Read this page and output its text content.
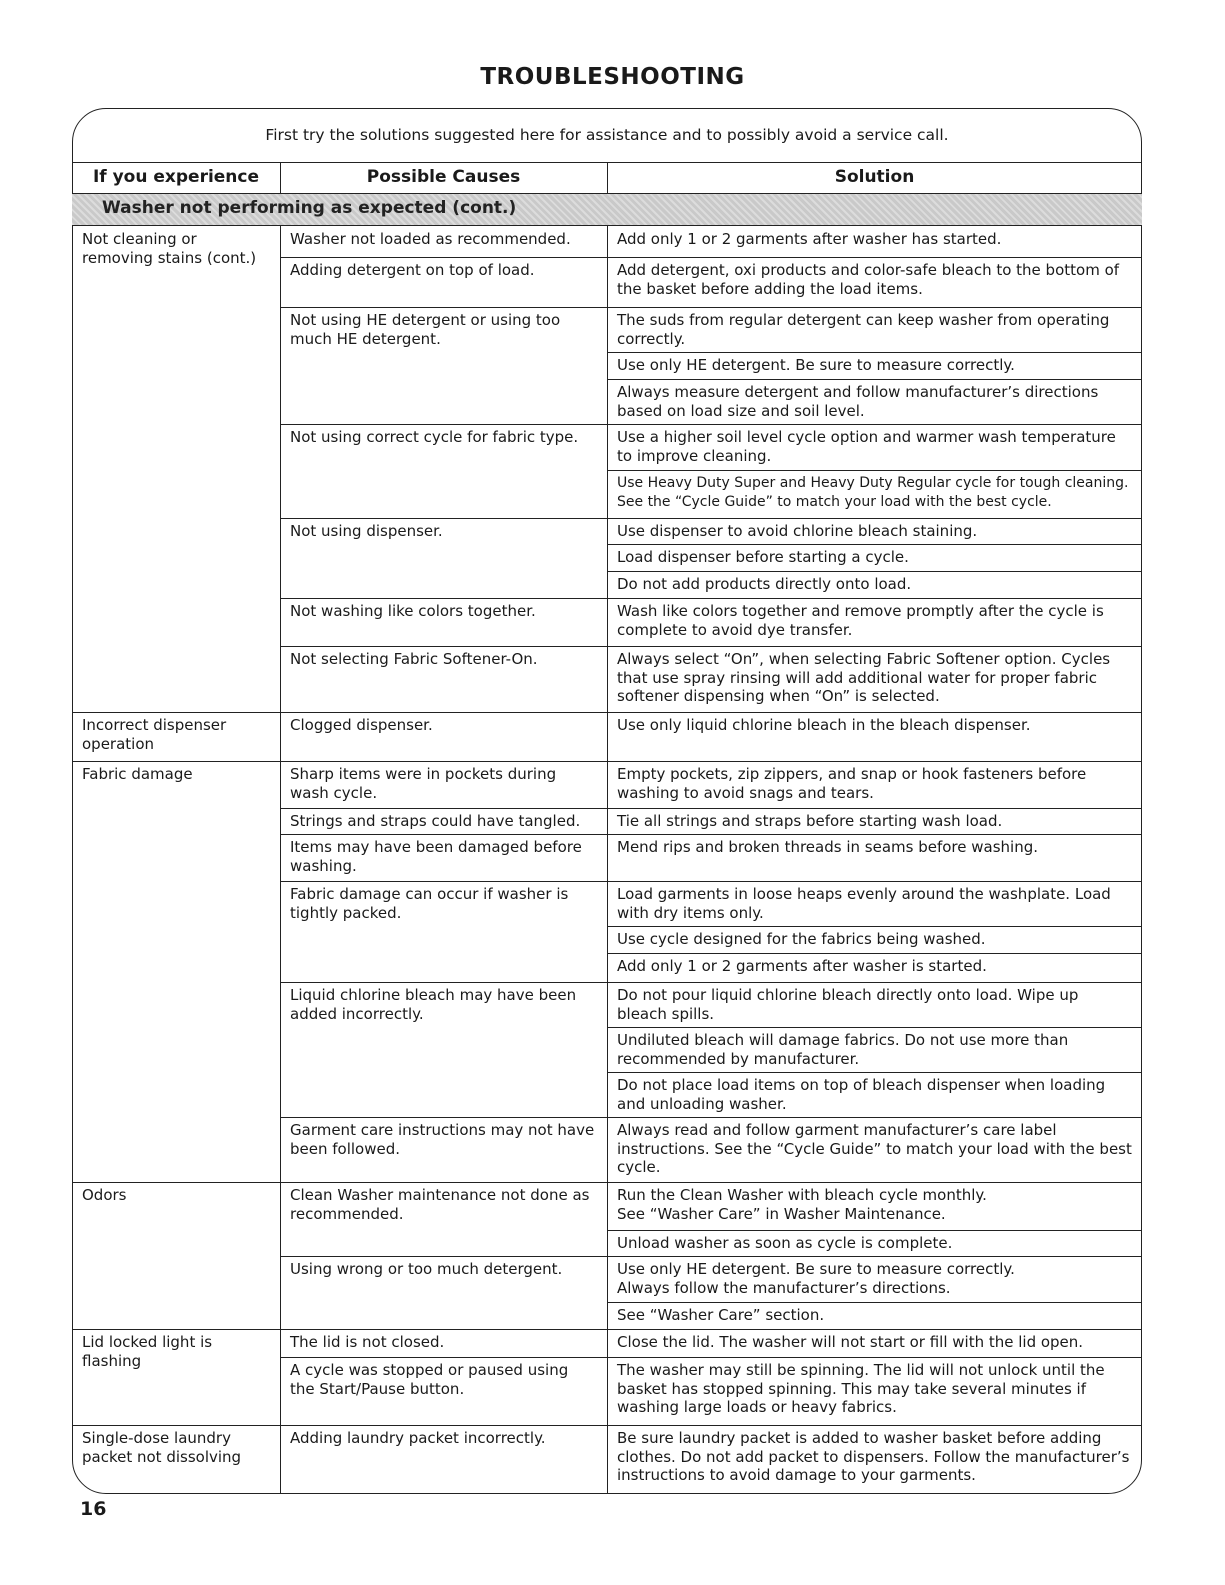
TROUBLESHOOTING
First try the solutions suggested here for assistance and to possibly avoid a service call.
If you experience	Possible Causes	Solution
Washer not performing as expected (cont.)
Not cleaning or removing stains (cont.)
Incorrect dispenser operation
Fabric damage
Odors
Lid locked light is flashing
Single-dose laundry packet not dissolving
Washer not loaded as recommended.
Adding detergent on top of load.
Not using HE detergent or using too much HE detergent.
Not using correct cycle for fabric type.
Not using dispenser.
Not washing like colors together.
Not selecting Fabric Softener-On.
Clogged dispenser.
Sharp items were in pockets during wash cycle.
Strings and straps could have tangled.
Items may have been damaged before washing.
Fabric damage can occur if washer is tightly packed.
Liquid chlorine bleach may have been added incorrectly.
Garment care instructions may not have been followed.
Clean Washer maintenance not done as recommended.
Using wrong or too much detergent.
The lid is not closed.
A cycle was stopped or paused using the Start/Pause button.
Adding laundry packet incorrectly.
Add only 1 or 2 garments after washer has started.
Add detergent, oxi products and color-safe bleach to the bottom of the basket before adding the load items.
The suds from regular detergent can keep washer from operating correctly.
Use only HE detergent. Be sure to measure correctly.
Always measure detergent and follow manufacturer’s directions based on load size and soil level.
Use a higher soil level cycle option and warmer wash temperature to improve cleaning.
Use Heavy Duty Super and Heavy Duty Regular cycle for tough cleaning. See the “Cycle Guide” to match your load with the best cycle.
Use dispenser to avoid chlorine bleach staining.
Load dispenser before starting a cycle.
Do not add products directly onto load.
Wash like colors together and remove promptly after the cycle is complete to avoid dye transfer.
Always select “On”, when selecting Fabric Softener option. Cycles that use spray rinsing will add additional water for proper fabric softener dispensing when “On” is selected.
Use only liquid chlorine bleach in the bleach dispenser.
Empty pockets, zip zippers, and snap or hook fasteners before washing to avoid snags and tears.
Tie all strings and straps before starting wash load.
Mend rips and broken threads in seams before washing.
Load garments in loose heaps evenly around the washplate. Load with dry items only.
Use cycle designed for the fabrics being washed.
Add only 1 or 2 garments after washer is started.
Do not pour liquid chlorine bleach directly onto load. Wipe up bleach spills.
Undiluted bleach will damage fabrics. Do not use more than recommended by manufacturer.
Do not place load items on top of bleach dispenser when loading and unloading washer.
Always read and follow garment manufacturer’s care label instructions. See the “Cycle Guide” to match your load with the best cycle.
Run the Clean Washer with bleach cycle monthly.
See “Washer Care” in Washer Maintenance.
Unload washer as soon as cycle is complete.
Use only HE detergent. Be sure to measure correctly.
Always follow the manufacturer’s directions.
See “Washer Care” section.
Close the lid. The washer will not start or fill with the lid open.
The washer may still be spinning. The lid will not unlock until the basket has stopped spinning. This may take several minutes if washing large loads or heavy fabrics.
Be sure laundry packet is added to washer basket before adding clothes. Do not add packet to dispensers. Follow the manufacturer’s instructions to avoid damage to your garments.
16
